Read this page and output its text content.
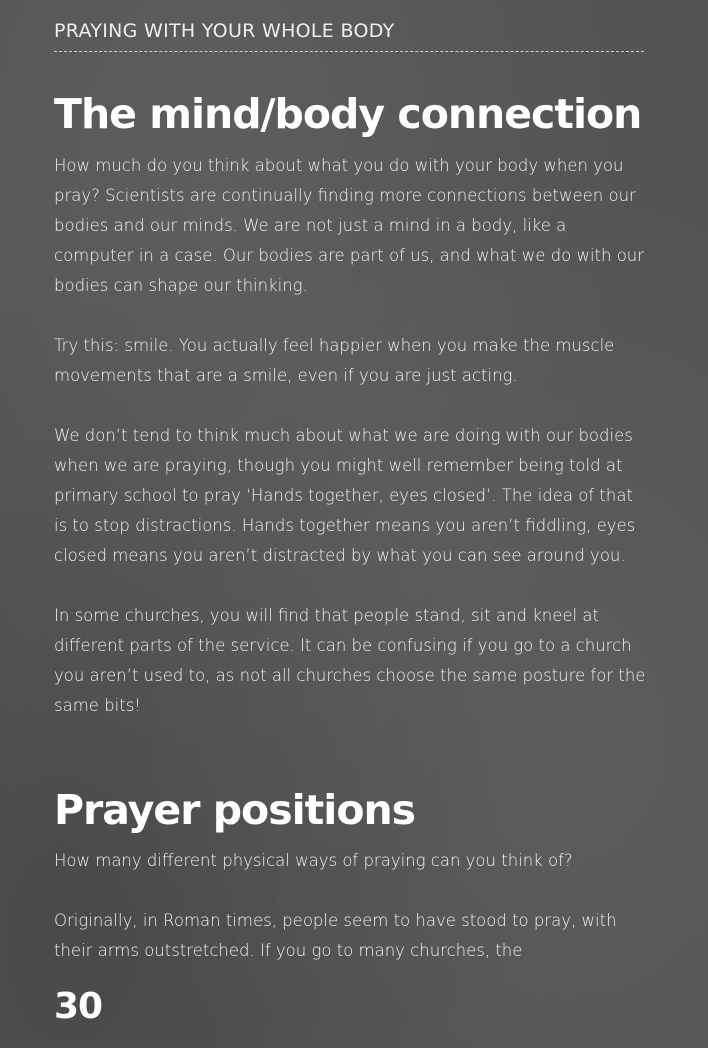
PRAYING WITH YOUR WHOLE BODY
The mind/body connection

How much do you think about what you do with your body when you pray? Scientists are continually finding more connections between our bodies and our minds. We are not just a mind in a body, like a computer in a case. Our bodies are part of us, and what we do with our bodies can shape our thinking.

Try this: smile. You actually feel happier when you make the muscle movements that are a smile, even if you are just acting.

We don’t tend to think much about what we are doing with our bodies when we are praying, though you might well remember being told at primary school to pray ‘Hands together, eyes closed’. The idea of that is to stop distractions. Hands together means you aren’t fiddling, eyes closed means you aren’t distracted by what you can see around you.

In some churches, you will find that people stand, sit and kneel at different parts of the service. It can be confusing if you go to a church you aren’t used to, as not all churches choose the same posture for the same bits!

Prayer positions

How many different physical ways of praying can you think of?

Originally, in Roman times, people seem to have stood to pray, with their arms outstretched. If you go to many churches, the

30
